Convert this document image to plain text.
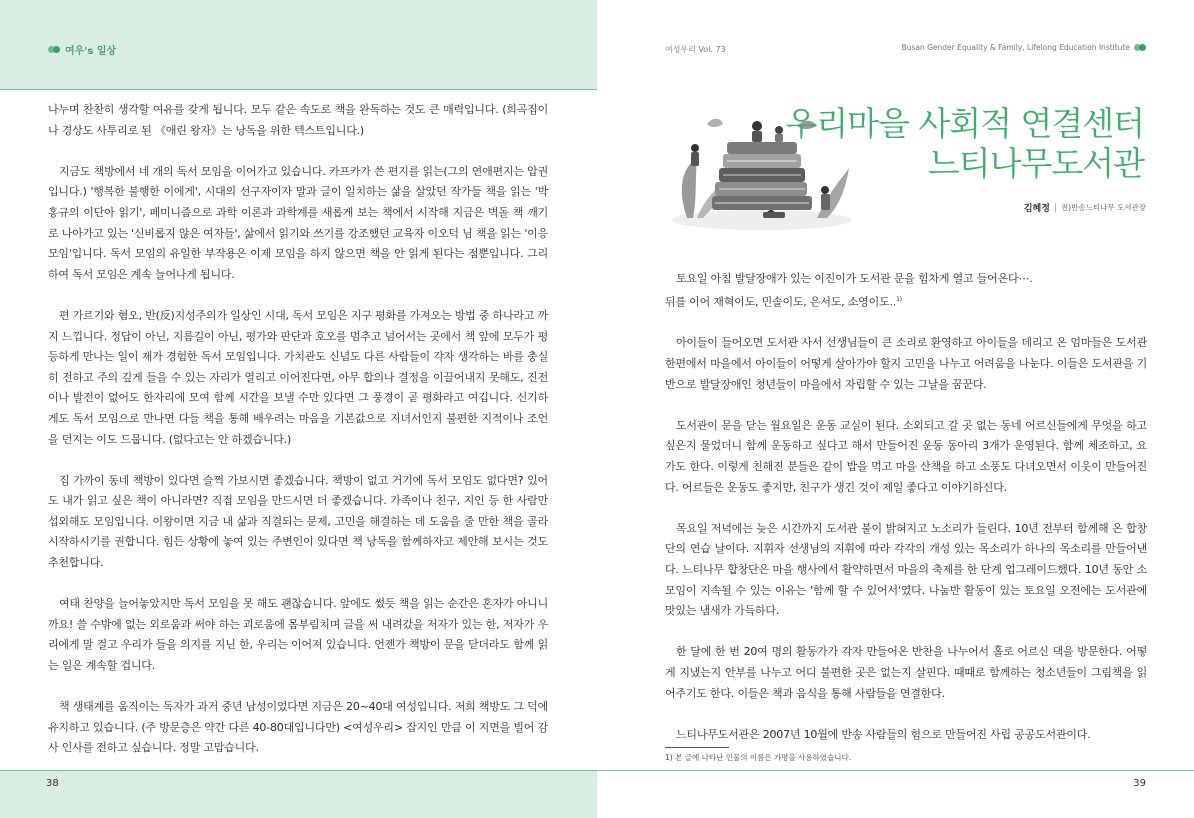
여우's 일상

나누며 찬찬히 생각할 여유를 갖게 됩니다. 모두 같은 속도로 책을 완독하는 것도 큰 매력입니다. (희곡집이나 경상도 사투리로 된 《애린 왕자》는 낭독을 위한 텍스트입니다.)

지금도 책방에서 네 개의 독서 모임을 이어가고 있습니다. 카프카가 쓴 편지를 읽는(그의 연애편지는 압권입니다.) '행복한 불행한 이에게', 시대의 선구자이자 말과 글이 일치하는 삶을 살았던 작가들 책을 읽는 '박홍규의 이단아 읽기', 페미니즘으로 과학 이론과 과학계를 새롭게 보는 책에서 시작해 지금은 벽돌 책 깨기로 나아가고 있는 '신비롭지 않은 여자들', 삶에서 읽기와 쓰기를 강조했던 교육자 이오덕 님 책을 읽는 '이응모임'입니다. 독서 모임의 유일한 부작용은 이제 모임을 하지 않으면 책을 안 읽게 된다는 점뿐입니다. 그리하여 독서 모임은 계속 늘어나게 됩니다.

편 가르기와 혐오, 반(反)지성주의가 일상인 시대, 독서 모임은 지구 평화를 가져오는 방법 중 하나라고 까지 느낍니다. 정답이 아닌, 지름길이 아닌, 평가와 판단과 호오를 멈추고 넘어서는 곳에서 책 앞에 모두가 평등하게 만나는 일이 제가 경험한 독서 모임입니다. 가치관도 신념도 다른 사람들이 각자 생각하는 바를 충실히 전하고 주의 깊게 들을 수 있는 자리가 열리고 이어진다면, 아무 합의나 결정을 이끌어내지 못해도, 진전이나 발전이 없어도 한자리에 모여 함께 시간을 보낼 수만 있다면 그 풍경이 곧 평화라고 여깁니다. 신기하게도 독서 모임으로 만나면 다들 책을 통해 배우려는 마음을 기본값으로 지녀서인지 불편한 지적이나 조언을 던지는 이도 드뭅니다. (없다고는 안 하겠습니다.)

집 가까이 동네 책방이 있다면 슬쩍 가보시면 좋겠습니다. 책방이 없고 거기에 독서 모임도 없다면? 있어도 내가 읽고 싶은 책이 아니라면? 직접 모임을 만드시면 더 좋겠습니다. 가족이나 친구, 지인 등 한 사람만 섭외해도 모임입니다. 이왕이면 지금 내 삶과 직결되는 문제, 고민을 해결하는 데 도움을 줄 만한 책을 골라 시작하시기를 권합니다. 힘든 상황에 놓여 있는 주변인이 있다면 책 낭독을 함께하자고 제안해 보시는 것도 추천합니다.

여태 찬양을 늘어놓았지만 독서 모임을 못 해도 괜찮습니다. 앞에도 썼듯 책을 읽는 순간은 혼자가 아니니까요! 쓸 수밖에 없는 외로움과 써야 하는 괴로움에 몸부림치며 글을 써 내려갔을 저자가 있는 한, 저자가 우리에게 말 걸고 우리가 들을 의지를 지닌 한, 우리는 이어져 있습니다. 언젠가 책방이 문을 닫더라도 함께 읽는 일은 계속할 겁니다.

책 생태계를 움직이는 독자가 과거 중년 남성이었다면 지금은 20~40대 여성입니다. 저희 책방도 그 덕에 유지하고 있습니다. (주 방문층은 약간 다른 40-80대입니다만) <여성우리> 잡지인 만큼 이 지면을 빌어 감사 인사를 전하고 싶습니다. 정말 고맙습니다.

38
여성우리 Vol. 73	Busan Gender Equality & Family, Lifelong Education Institute
우리마을 사회적 연결센터
느티나무도서관
김혜정 | 전)반송느티나무 도서관장

토요일 아침 발달장애가 있는 이진이가 도서관 문을 힘차게 열고 들어온다⋯.
뒤를 이어 재혁이도, 민솔이도, 은서도, 소영이도..$^{1)}$

아이들이 들어오면 도서관 사서 선생님들이 큰 소리로 환영하고 아이들을 데리고 온 엄마들은 도서관 한편에서 마을에서 아이들이 어떻게 살아가야 할지 고민을 나누고 어려움을 나눈다. 이들은 도서관을 기반으로 발달장애인 청년들이 마을에서 자립할 수 있는 그날을 꿈꾼다.

도서관이 문을 닫는 월요일은 운동 교실이 된다. 소외되고 갈 곳 없는 동네 어르신들에게 무엇을 하고 싶은지 물었더니 함께 운동하고 싶다고 해서 만들어진 운동 동아리 3개가 운영된다. 함께 체조하고, 요가도 한다. 이렇게 친해진 분들은 같이 밥을 먹고 마을 산책을 하고 소풍도 다녀오면서 이웃이 만들어진다. 어르들은 운동도 좋지만, 친구가 생긴 것이 제일 좋다고 이야기하신다.

목요일 저녁에는 늦은 시간까지 도서관 불이 밝혀지고 노소리가 들린다. 10년 전부터 함께해 온 합창단의 연습 날이다. 지휘자 선생님의 지휘에 따라 각각의 개성 있는 목소리가 하나의 목소리를 만들어낸다. 느티나무 합창단은 마을 행사에서 활약하면서 마을의 축제를 한 단계 업그레이드했다. 10년 동안 소모임이 지속될 수 있는 이유는 '함께 할 수 있어서'였다. 나눔반 활동이 있는 토요일 오전에는 도서관에 맛있는 냄새가 가득하다.

한 달에 한 번 20여 명의 활동가가 각자 만들어온 반찬을 나누어서 홀로 어르신 댁을 방문한다. 어떻게 지냈는지 안부를 나누고 어디 불편한 곳은 없는지 살핀다. 때때로 함께하는 청소년들이 그림책을 읽어주기도 한다. 이들은 책과 음식을 통해 사람들을 연결한다.

느티나무도서관은 2007년 10월에 반송 사람들의 힘으로 만들어진 사립 공공도서관이다.

1) 본 글에 나타난 인물의 이름은 가명을 사용하였습니다.
39
